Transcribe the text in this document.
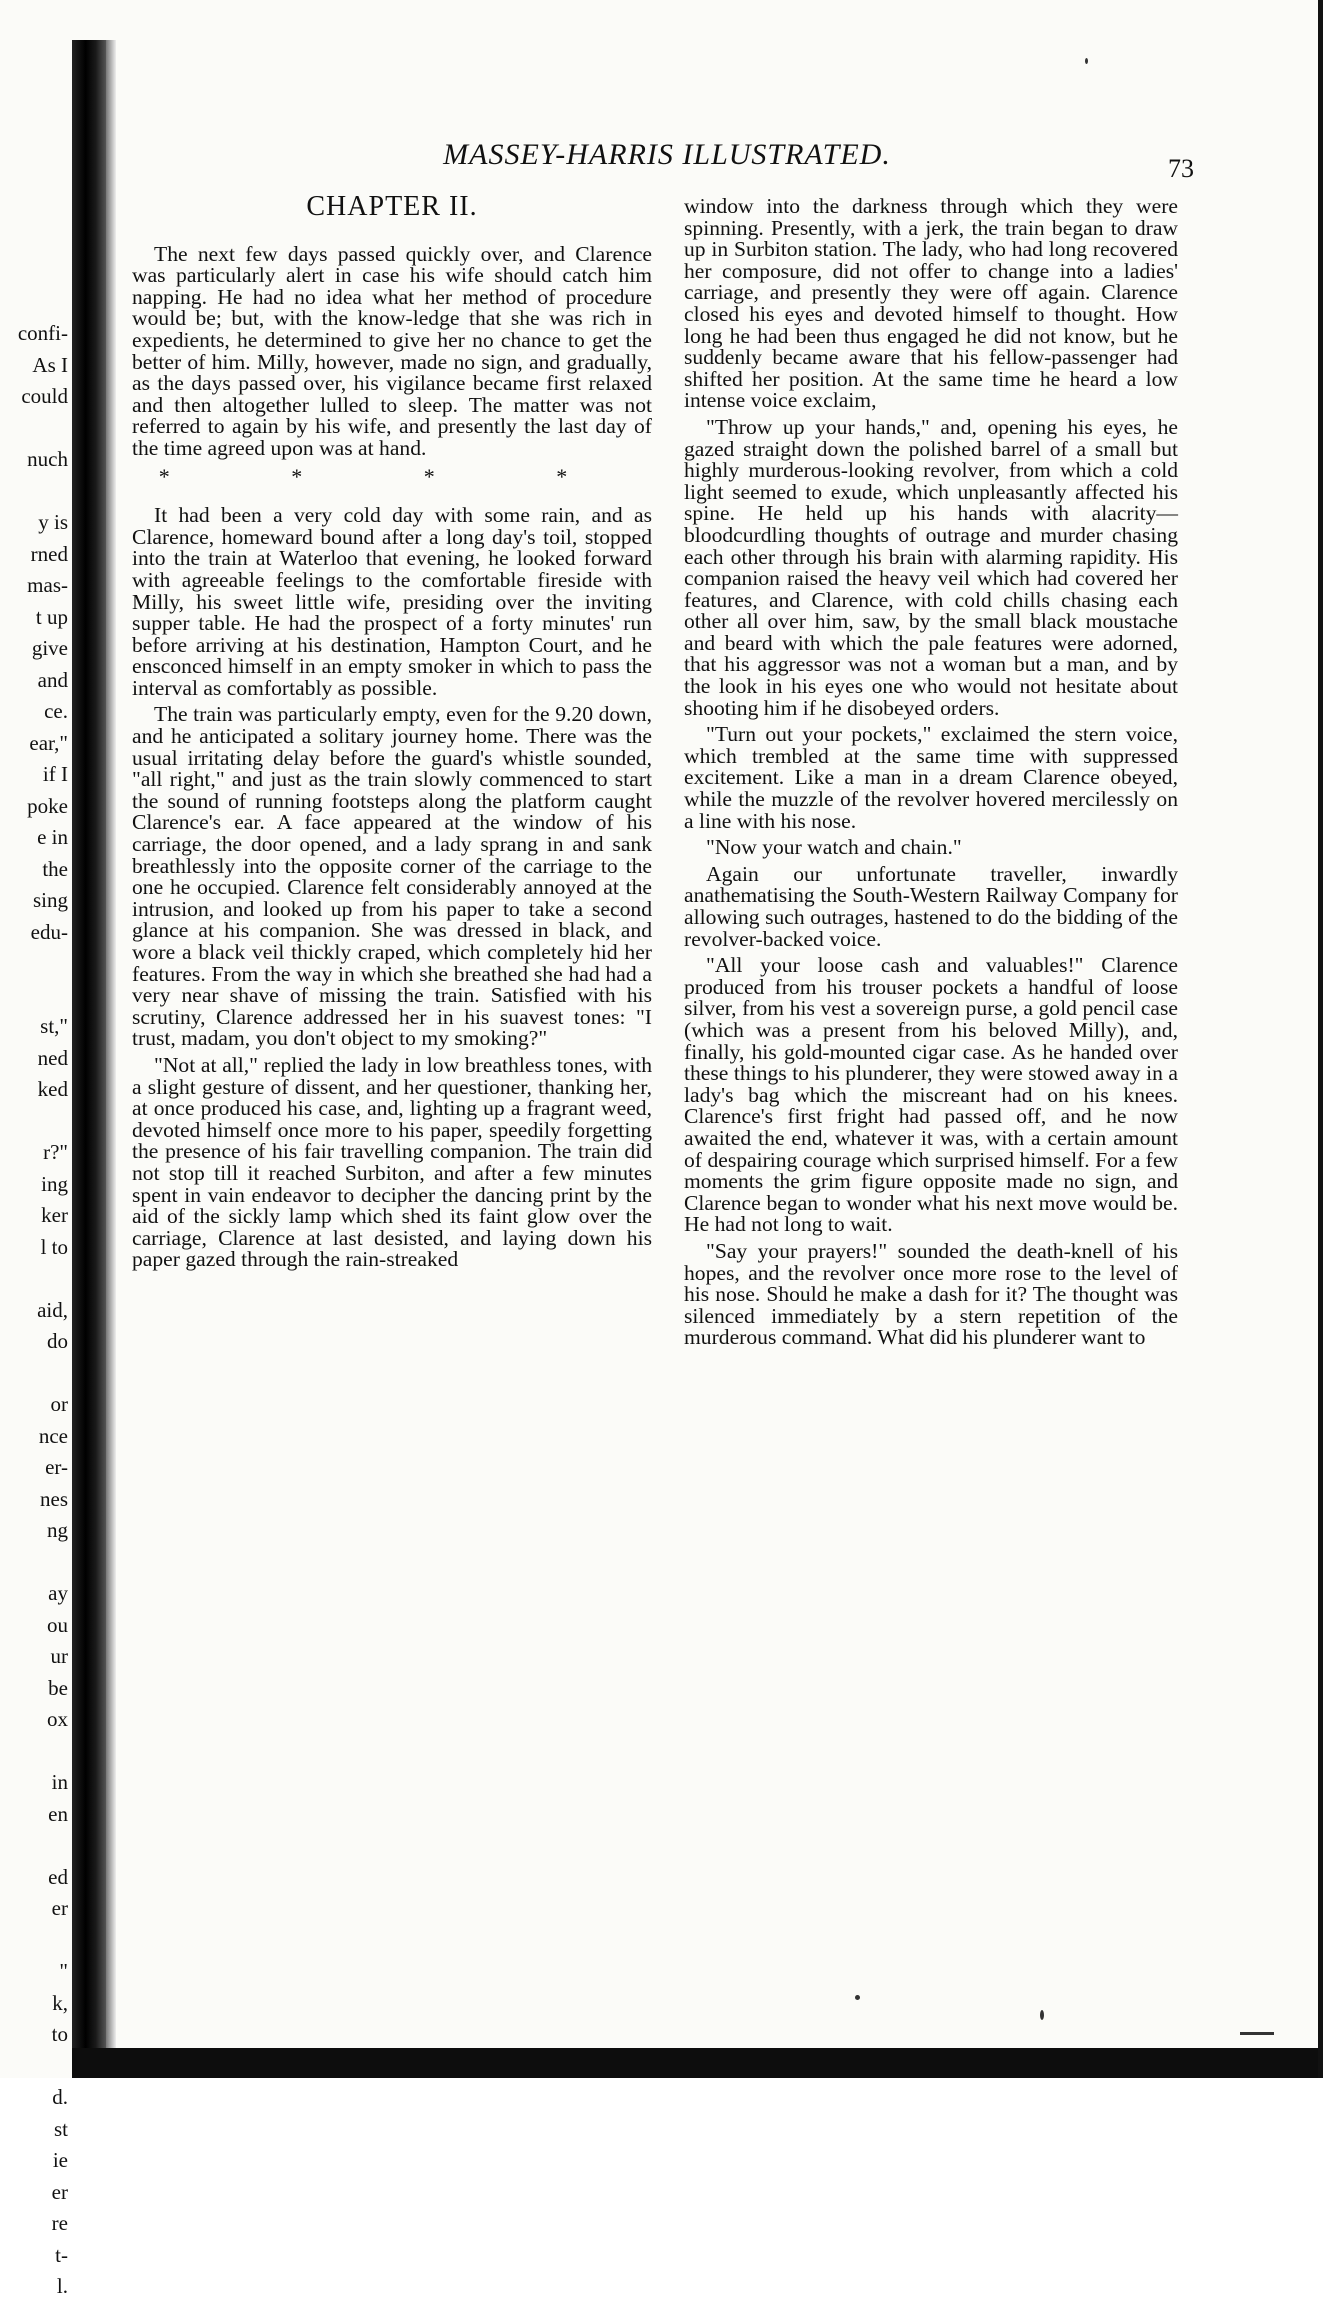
confi-
As I
could
nuch
y is
rned
mas-
t up
give
and
ce.
ear,"
if I
poke
e in
the
sing
edu-
st,"
ned
ked
r?"
ing
ker
l to
aid,
do
or
nce
er-
nes
ng
ay
ou
ur
be
ox
in
en
ed
er
"
k,
to
d.
st
ie
er
re
t-
l.
MASSEY-HARRIS ILLUSTRATED.	73
CHAPTER II.

The next few days passed quickly over, and Clarence was particularly alert in case his wife should catch him napping. He had no idea what her method of procedure would be; but, with the know-ledge that she was rich in expedients, he determined to give her no chance to get the better of him. Milly, however, made no sign, and gradually, as the days passed over, his vigilance became first relaxed and then altogether lulled to sleep. The matter was not referred to again by his wife, and presently the last day of the time agreed upon was at hand.

* * * *

It had been a very cold day with some rain, and as Clarence, homeward bound after a long day's toil, stopped into the train at Waterloo that evening, he looked forward with agreeable feelings to the comfortable fireside with Milly, his sweet little wife, presiding over the inviting supper table. He had the prospect of a forty minutes' run before arriving at his destination, Hampton Court, and he ensconced himself in an empty smoker in which to pass the interval as comfortably as possible.

The train was particularly empty, even for the 9.20 down, and he anticipated a solitary journey home. There was the usual irritating delay before the guard's whistle sounded, "all right," and just as the train slowly commenced to start the sound of running footsteps along the platform caught Clarence's ear. A face appeared at the window of his carriage, the door opened, and a lady sprang in and sank breathlessly into the opposite corner of the carriage to the one he occupied. Clarence felt considerably annoyed at the intrusion, and looked up from his paper to take a second glance at his companion. She was dressed in black, and wore a black veil thickly craped, which completely hid her features. From the way in which she breathed she had had a very near shave of missing the train. Satisfied with his scrutiny, Clarence addressed her in his suavest tones: "I trust, madam, you don't object to my smoking?"

"Not at all," replied the lady in low breathless tones, with a slight gesture of dissent, and her questioner, thanking her, at once produced his case, and, lighting up a fragrant weed, devoted himself once more to his paper, speedily forgetting the presence of his fair travelling companion. The train did not stop till it reached Surbiton, and after a few minutes spent in vain endeavor to decipher the dancing print by the aid of the sickly lamp which shed its faint glow over the carriage, Clarence at last desisted, and laying down his paper gazed through the rain-streaked

window into the darkness through which they were spinning. Presently, with a jerk, the train began to draw up in Surbiton station. The lady, who had long recovered her composure, did not offer to change into a ladies' carriage, and presently they were off again. Clarence closed his eyes and devoted himself to thought. How long he had been thus engaged he did not know, but he suddenly became aware that his fellow-passenger had shifted her position. At the same time he heard a low intense voice exclaim,

"Throw up your hands," and, opening his eyes, he gazed straight down the polished barrel of a small but highly murderous-looking revolver, from which a cold light seemed to exude, which unpleasantly affected his spine. He held up his hands with alacrity—bloodcurdling thoughts of outrage and murder chasing each other through his brain with alarming rapidity. His companion raised the heavy veil which had covered her features, and Clarence, with cold chills chasing each other all over him, saw, by the small black moustache and beard with which the pale features were adorned, that his aggressor was not a woman but a man, and by the look in his eyes one who would not hesitate about shooting him if he disobeyed orders.

"Turn out your pockets," exclaimed the stern voice, which trembled at the same time with suppressed excitement. Like a man in a dream Clarence obeyed, while the muzzle of the revolver hovered mercilessly on a line with his nose.

"Now your watch and chain."

Again our unfortunate traveller, inwardly anathematising the South-Western Railway Company for allowing such outrages, hastened to do the bidding of the revolver-backed voice.

"All your loose cash and valuables!" Clarence produced from his trouser pockets a handful of loose silver, from his vest a sovereign purse, a gold pencil case (which was a present from his beloved Milly), and, finally, his gold-mounted cigar case. As he handed over these things to his plunderer, they were stowed away in a lady's bag which the miscreant had on his knees. Clarence's first fright had passed off, and he now awaited the end, whatever it was, with a certain amount of despairing courage which surprised himself. For a few moments the grim figure opposite made no sign, and Clarence began to wonder what his next move would be. He had not long to wait.

"Say your prayers!" sounded the death-knell of his hopes, and the revolver once more rose to the level of his nose. Should he make a dash for it? The thought was silenced immediately by a stern repetition of the murderous command. What did his plunderer want to
